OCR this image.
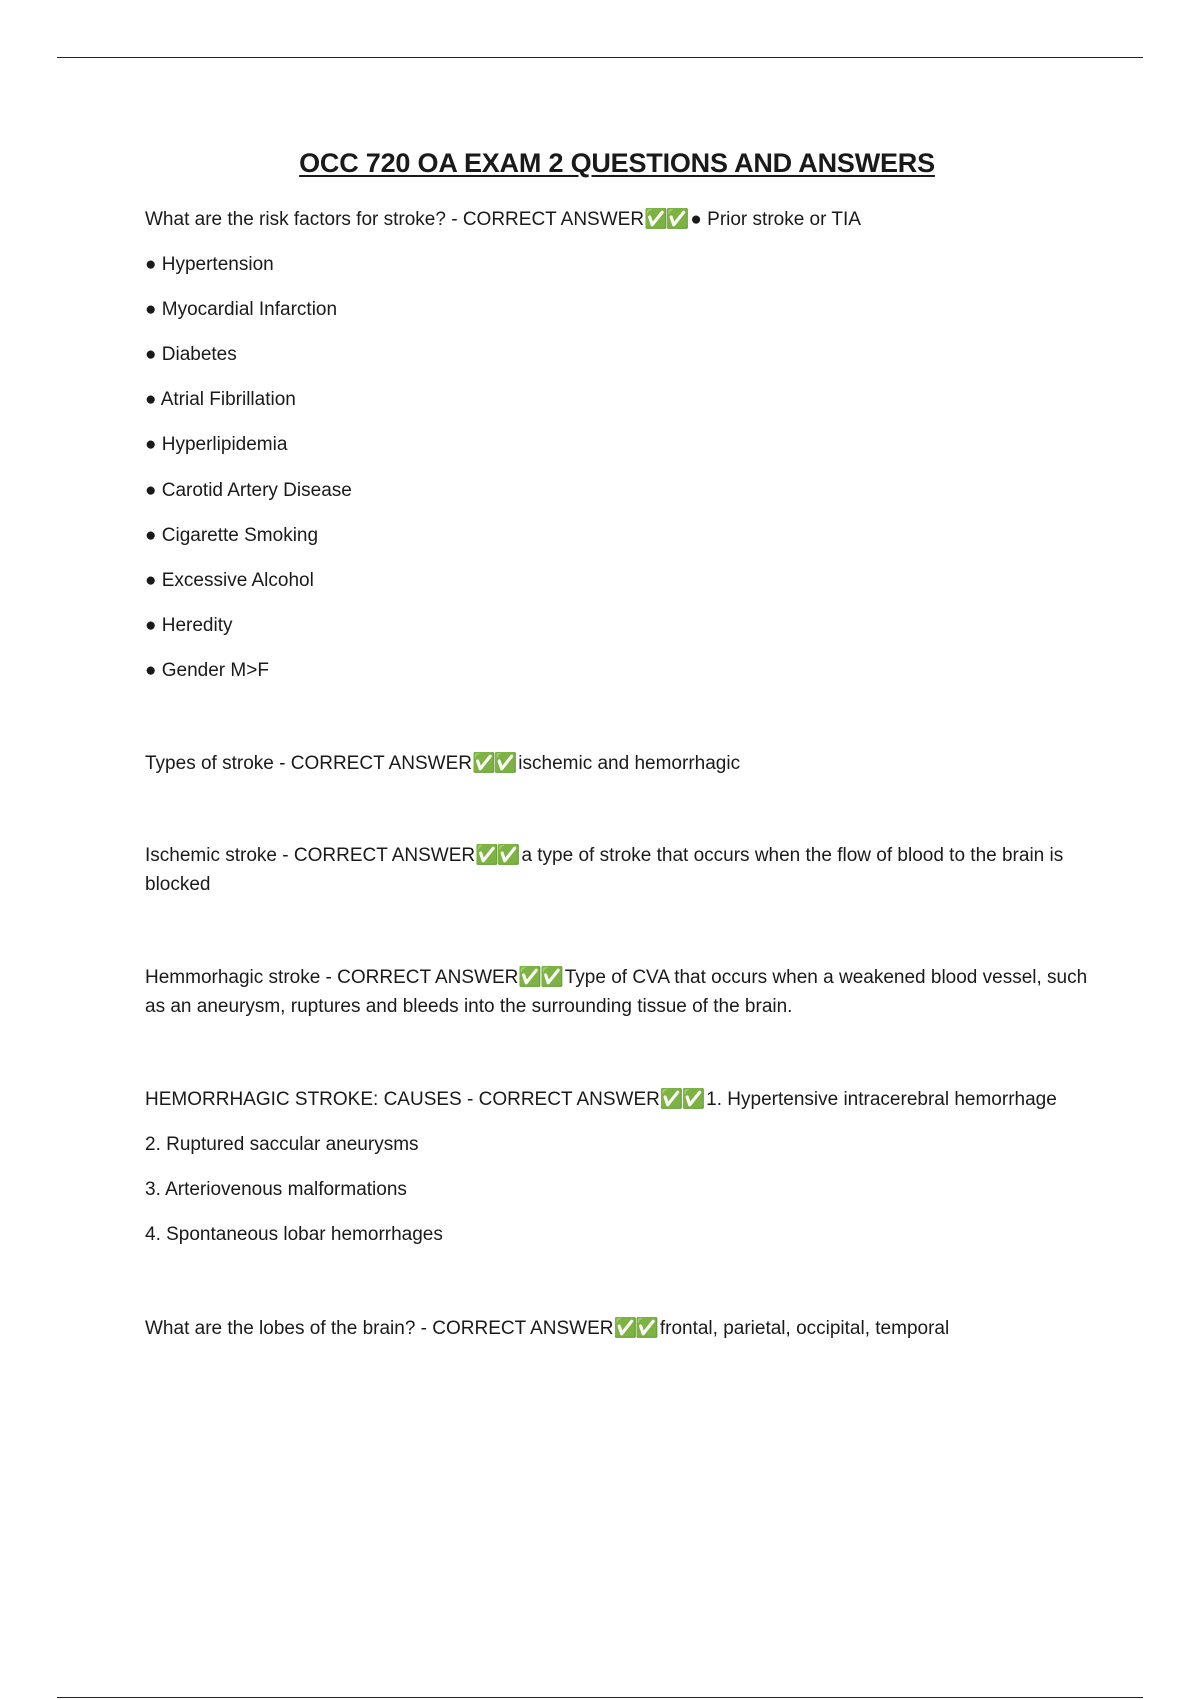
OCC 720 OA EXAM 2 QUESTIONS AND ANSWERS

What are the risk factors for stroke? - CORRECT ANSWER✅✅ ● Prior stroke or TIA

● Hypertension

● Myocardial Infarction

● Diabetes

● Atrial Fibrillation

● Hyperlipidemia

● Carotid Artery Disease

● Cigarette Smoking

● Excessive Alcohol

● Heredity

● Gender M>F

Types of stroke - CORRECT ANSWER✅✅ ischemic and hemorrhagic

Ischemic stroke - CORRECT ANSWER✅✅ a type of stroke that occurs when the flow of blood to the brain is blocked

Hemmorhagic stroke - CORRECT ANSWER✅✅ Type of CVA that occurs when a weakened blood vessel, such as an aneurysm, ruptures and bleeds into the surrounding tissue of the brain.

HEMORRHAGIC STROKE: CAUSES - CORRECT ANSWER✅✅ 1. Hypertensive intracerebral hemorrhage

2. Ruptured saccular aneurysms

3. Arteriovenous malformations

4. Spontaneous lobar hemorrhages

What are the lobes of the brain? - CORRECT ANSWER✅✅ frontal, parietal, occipital, temporal
